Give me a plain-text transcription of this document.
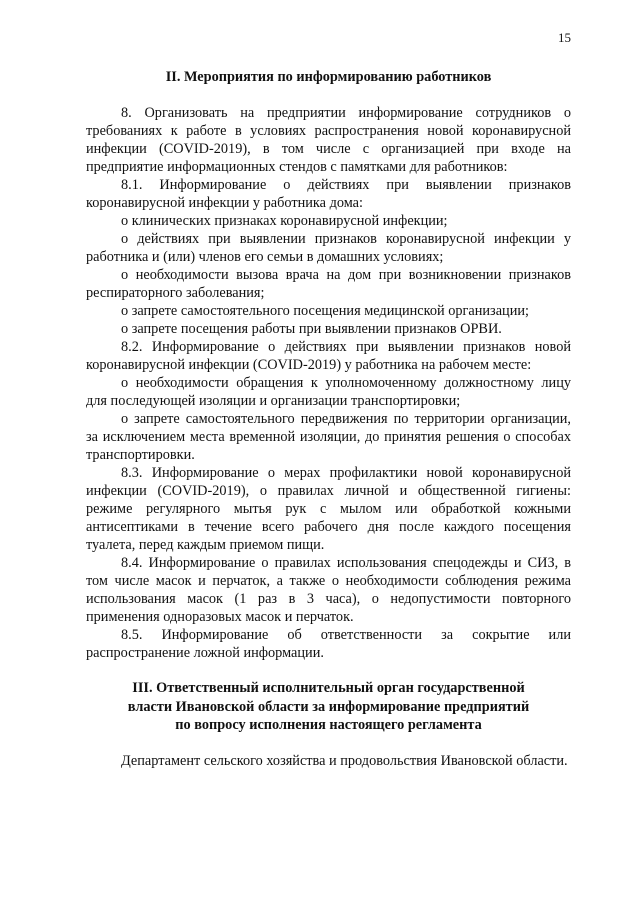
15

II. Мероприятия по информированию работников

8. Организовать на предприятии информирование сотрудников о требованиях к работе в условиях распространения новой коронавирусной инфекции (COVID-2019), в том числе с организацией при входе на предприятие информационных стендов с памятками для работников:

8.1. Информирование о действиях при выявлении признаков коронавирусной инфекции у работника дома:

о клинических признаках коронавирусной инфекции;

о действиях при выявлении признаков коронавирусной инфекции у работника и (или) членов его семьи в домашних условиях;

о необходимости вызова врача на дом при возникновении признаков респираторного заболевания;

о запрете самостоятельного посещения медицинской организации;

о запрете посещения работы при выявлении признаков ОРВИ.

8.2. Информирование о действиях при выявлении признаков новой коронавирусной инфекции (COVID-2019) у работника на рабочем месте:

о необходимости обращения к уполномоченному должностному лицу для последующей изоляции и организации транспортировки;

о запрете самостоятельного передвижения по территории организации, за исключением места временной изоляции, до принятия решения о способах транспортировки.

8.3. Информирование о мерах профилактики новой коронавирусной инфекции (COVID-2019), о правилах личной и общественной гигиены: режиме регулярного мытья рук с мылом или обработкой кожными антисептиками в течение всего рабочего дня после каждого посещения туалета, перед каждым приемом пищи.

8.4. Информирование о правилах использования спецодежды и СИЗ, в том числе масок и перчаток, а также о необходимости соблюдения режима использования масок (1 раз в 3 часа), о недопустимости повторного применения одноразовых масок и перчаток.

8.5. Информирование об ответственности за сокрытие или распространение ложной информации.

III. Ответственный исполнительный орган государственной
власти Ивановской области за информирование предприятий
по вопросу исполнения настоящего регламента

Департамент сельского хозяйства и продовольствия Ивановской области.
